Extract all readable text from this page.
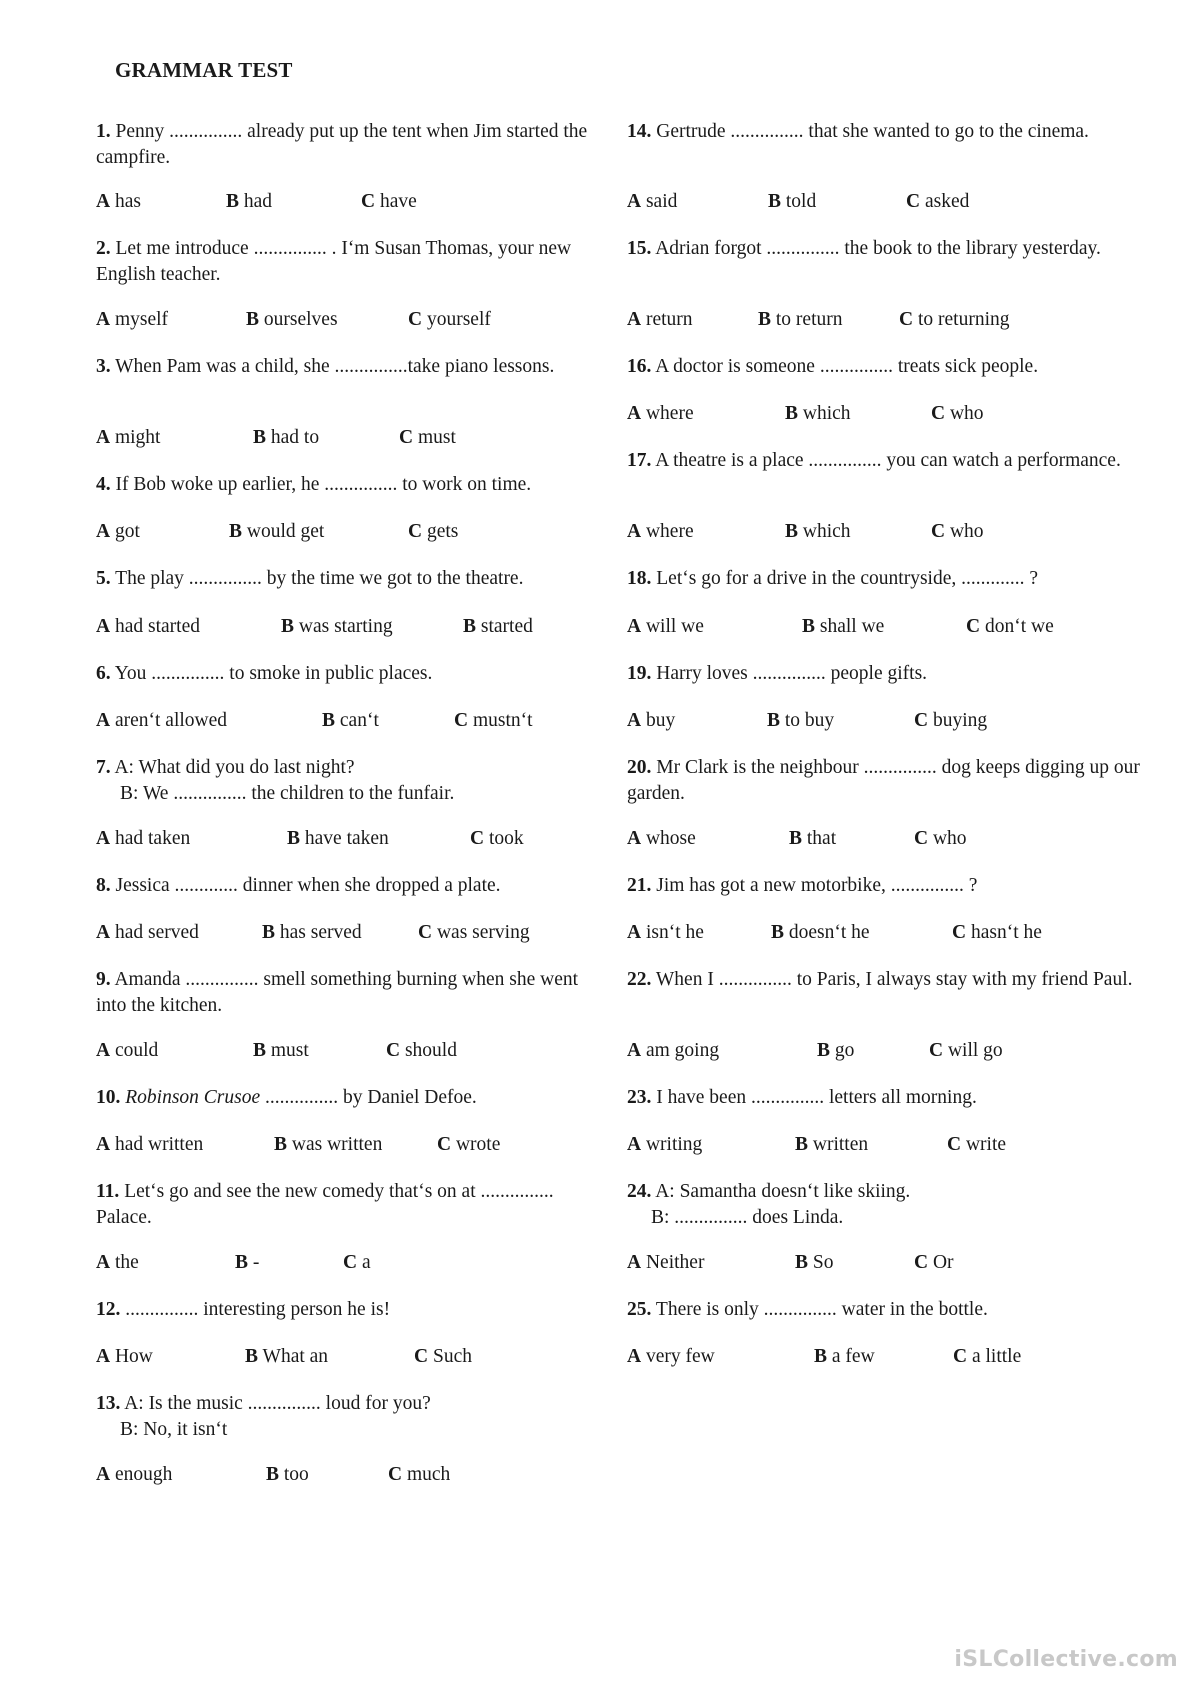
GRAMMAR TEST
1. Penny ............... already put up the tent when Jim started the campfire.
A has	B had	C have
2. Let me introduce ............... . I‘m Susan Thomas, your new English teacher.
A myself	B ourselves	C yourself
3. When Pam was a child, she ...............take piano lessons.
A might	B had to	C must
4. If Bob woke up earlier, he ............... to work on time.
A got	B would get	C gets
5. The play ............... by the time we got to the theatre.
A had started	B was starting	B started
6. You ............... to smoke in public places.
A aren‘t allowed	B can‘t	C mustn‘t
7. A: What did you do last night?
B: We ............... the children to the funfair.
A had taken	B have taken	C took
8. Jessica ............. dinner when she dropped a plate.
A had served	B has served	C was serving
9. Amanda ............... smell something burning when she went into the kitchen.
A could	B must	C should
10. Robinson Crusoe ............... by Daniel Defoe.
A had written	B was written	C wrote
11. Let‘s go and see the new comedy that‘s on at ............... Palace.
A the	B -	C a
12. ............... interesting person he is!
A How	B What an	C Such
13. A: Is the music ............... loud for you?
B: No, it isn‘t
A enough	B too	C much
14. Gertrude ............... that she wanted to go to the cinema.
A said	B told	C asked
15. Adrian forgot ............... the book to the library yesterday.
A return	B to return	C to returning
16. A doctor is someone ............... treats sick people.
A where	B which	C who
17. A theatre is a place ............... you can watch a performance.
A where	B which	C who
18. Let‘s go for a drive in the countryside, ............. ?
A will we	B shall we	C don‘t we
19. Harry loves ............... people gifts.
A buy	B to buy	C buying
20. Mr Clark is the neighbour ............... dog keeps digging up our garden.
A whose	B that	C who
21. Jim has got a new motorbike, ............... ?
A isn‘t he	B doesn‘t he	C hasn‘t he
22. When I ............... to Paris, I always stay with my friend Paul.
A am going	B go	C will go
23. I have been ............... letters all morning.
A writing	B written	C write
24. A: Samantha doesn‘t like skiing.
B: ............... does Linda.
A Neither	B So	C Or
25. There is only ............... water in the bottle.
A very few	B a few	C a little
iSLCollective.com
